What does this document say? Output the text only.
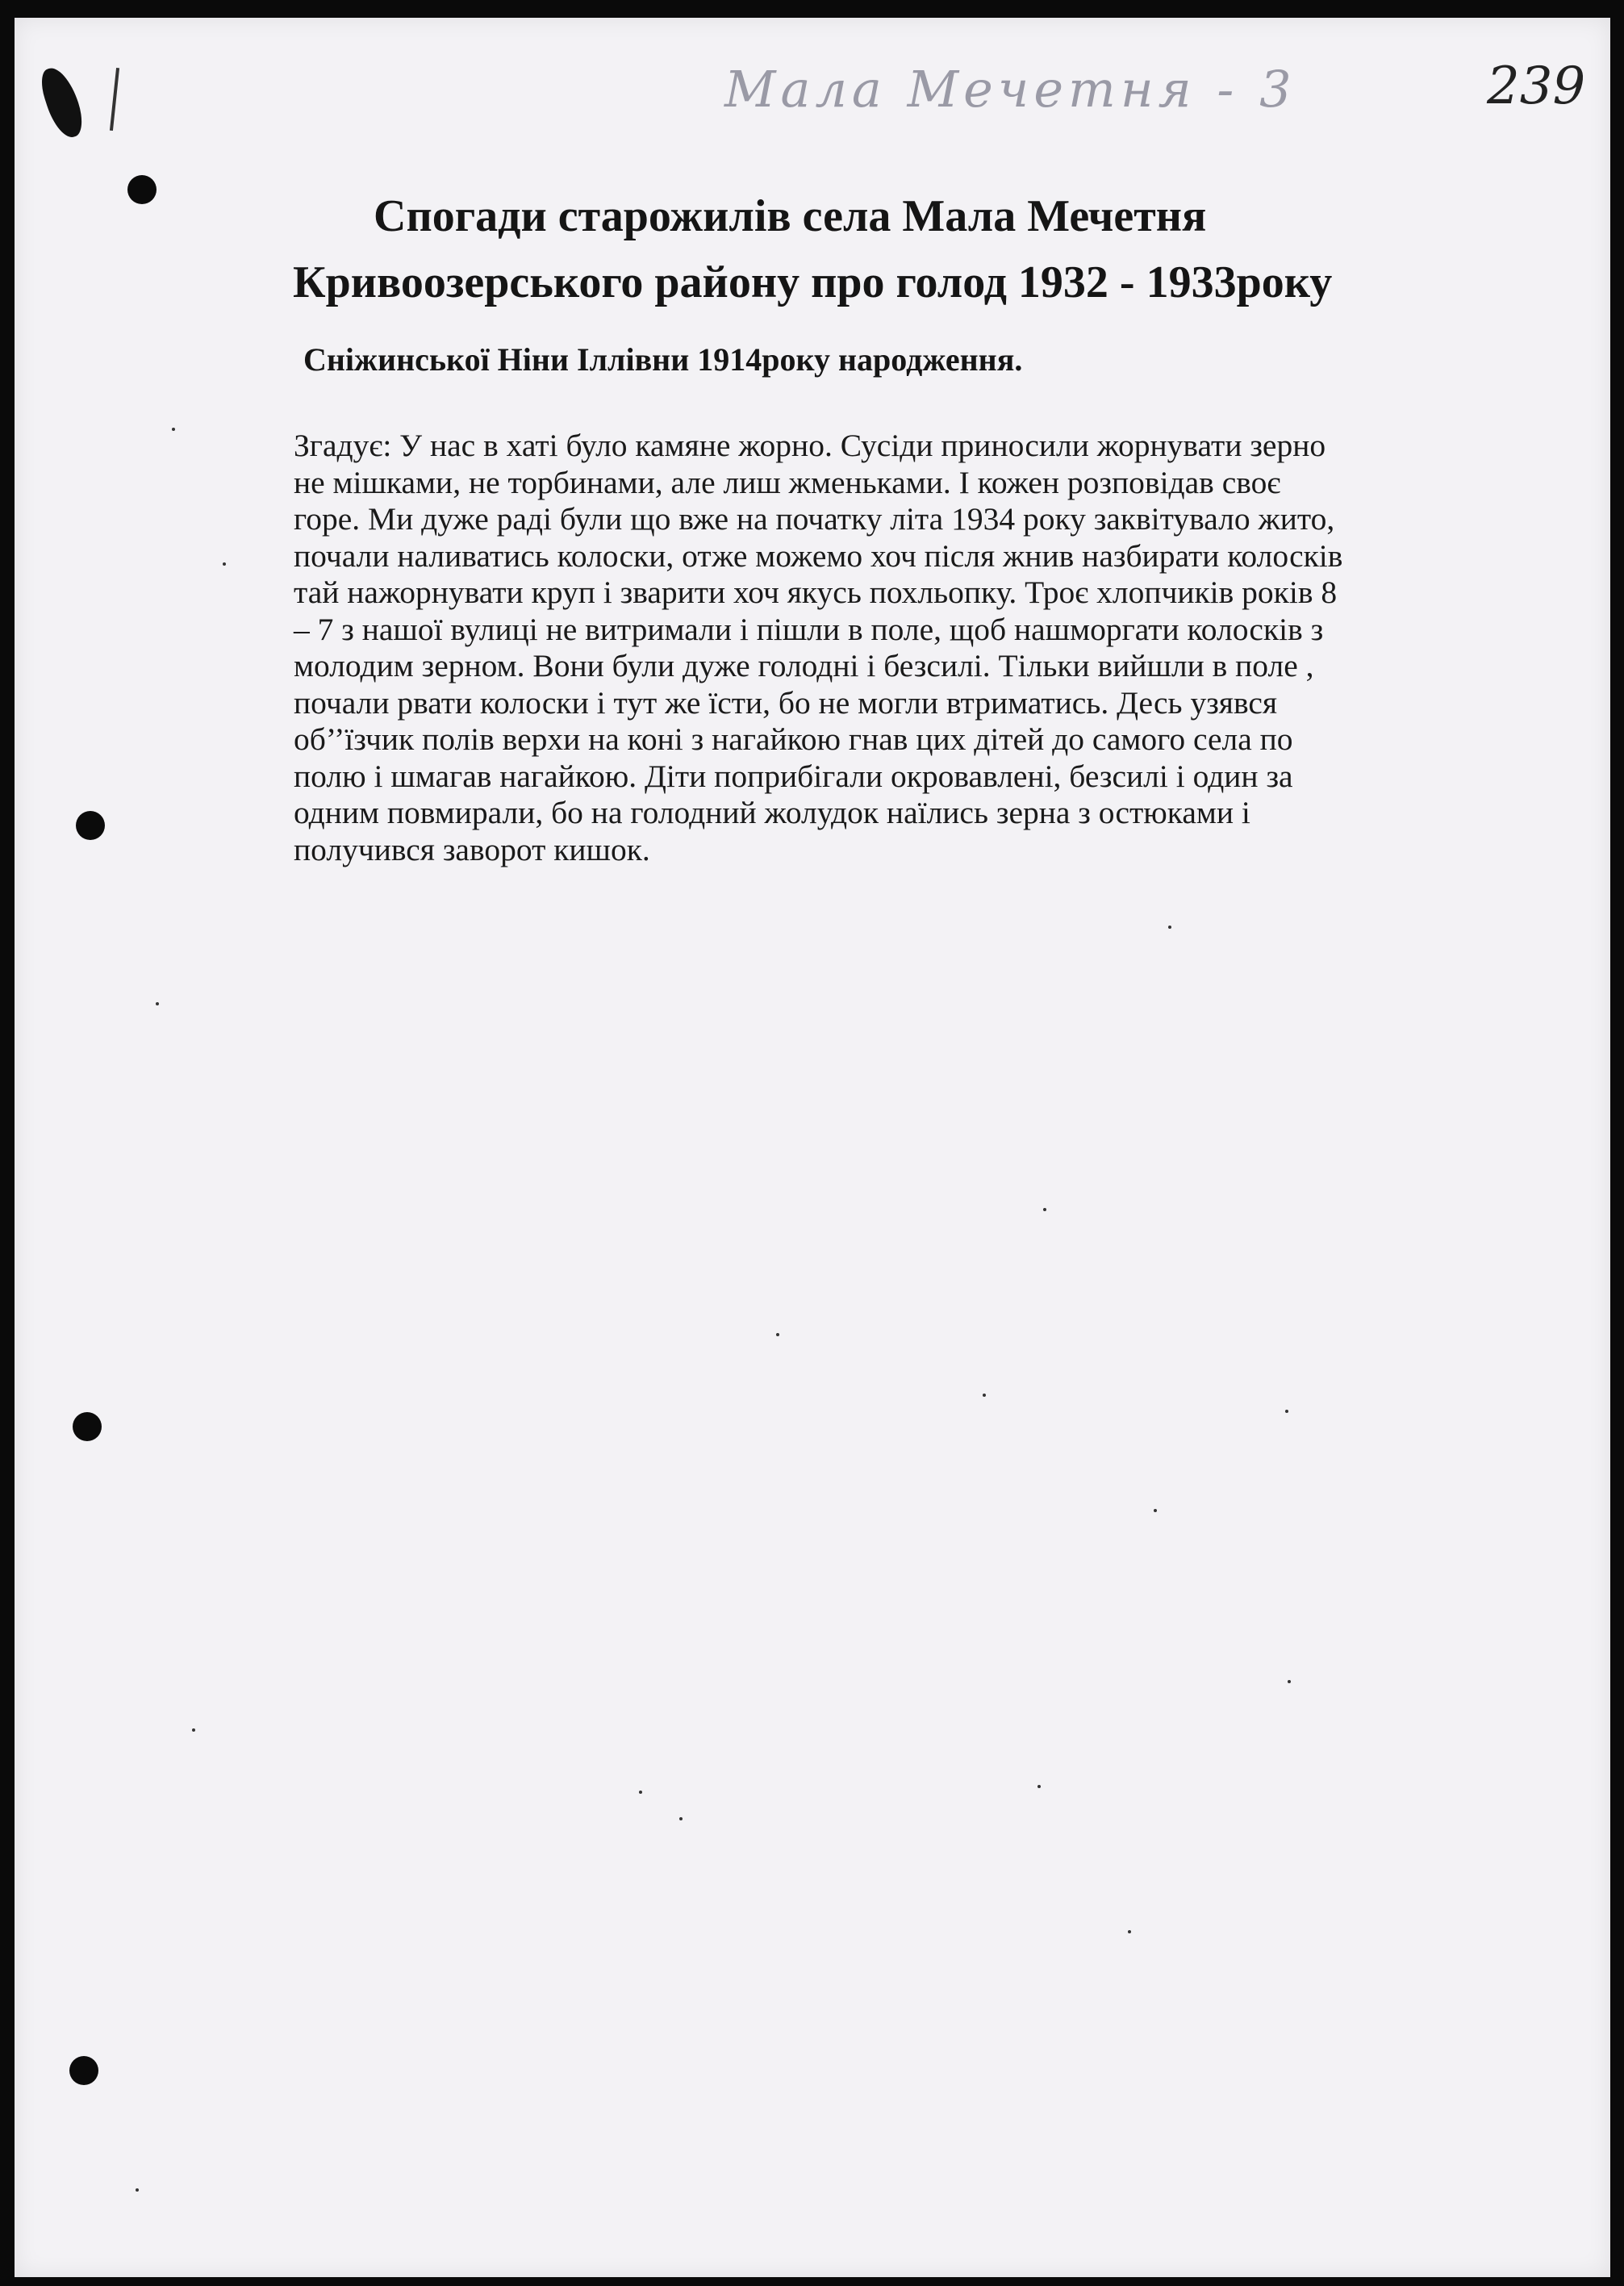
Мала Мечетня - 3	239
Спогади старожилів села Мала Мечетня
Кривоозерського району про голод 1932 - 1933року
Сніжинської Ніни Іллівни 1914року народження.
Згадує: У нас в хаті було камяне жорно. Сусіди приносили жорнувати зерно
не мішками, не торбинами, але лиш жменьками. І кожен розповідав своє
горе. Ми дуже раді були що вже на початку літа 1934 року заквітувало жито,
почали наливатись колоски, отже можемо хоч після жнив назбирати колосків
тай нажорнувати круп і зварити хоч якусь похльопку. Троє хлопчиків років 8
– 7 з нашої вулиці не витримали і пішли в поле, щоб нашморгати колосків з
молодим зерном. Вони були дуже голодні і безсилі. Тільки вийшли в поле ,
почали рвати колоски і тут же їсти, бо не могли втриматись. Десь узявся
об’’їзчик полів верхи на коні з нагайкою гнав цих дітей до самого села по
полю і шмагав нагайкою. Діти поприбігали окровавлені, безсилі і один за
одним повмирали, бо на голодний жолудок наїлись зерна з остюками і
получився заворот кишок.
